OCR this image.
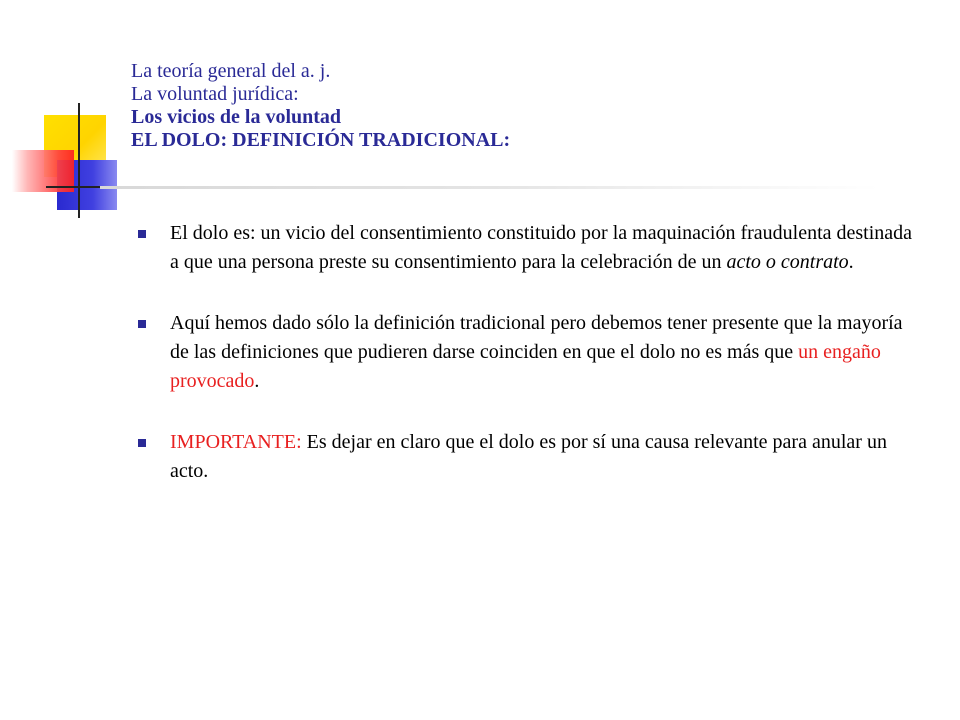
La teoría general del a. j.
La voluntad jurídica:
Los vicios de la voluntad
EL DOLO: DEFINICIÓN TRADICIONAL:
El dolo es: un vicio del consentimiento constituido por la maquinación fraudulenta destinada a que una persona preste su consentimiento para la celebración de un acto o contrato.
Aquí hemos dado sólo la definición tradicional pero debemos tener presente que la mayoría de las definiciones que pudieren darse coinciden en que el dolo no es más que un engaño provocado.
IMPORTANTE: Es dejar en claro que el dolo es por sí una causa relevante para anular un acto.
